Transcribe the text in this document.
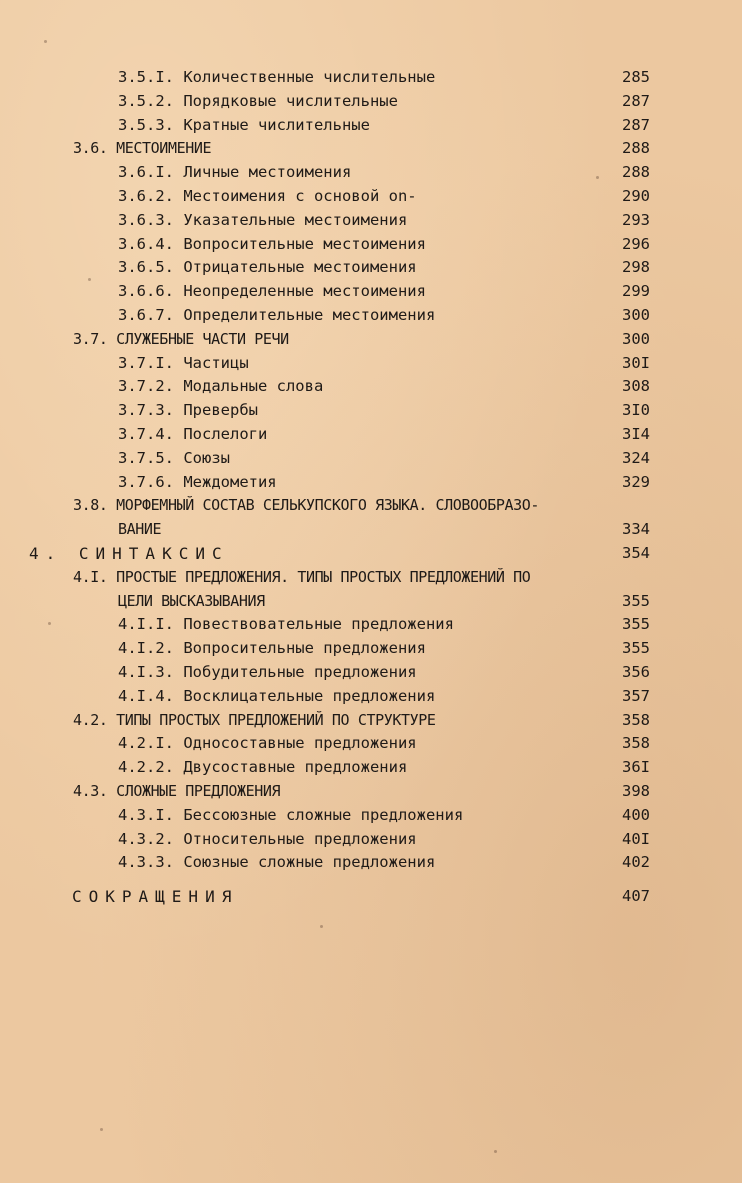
3.5.I. Количественные числительные	285
3.5.2. Порядковые числительные	287
3.5.3. Кратные числительные	287
3.6. МЕСТОИМЕНИЕ	288
3.6.I. Личные местоимения	288
3.6.2. Местоимения с основой on-	290
3.6.3. Указательные местоимения	293
3.6.4. Вопросительные местоимения	296
3.6.5. Отрицательные местоимения	298
3.6.6. Неопределенные местоимения	299
3.6.7. Определительные местоимения	300
3.7. СЛУЖЕБНЫЕ ЧАСТИ РЕЧИ	300
3.7.I. Частицы	30I
3.7.2. Модальные слова	308
3.7.3. Превербы	3I0
3.7.4. Послелоги	3I4
3.7.5. Союзы	324
3.7.6. Междометия	329
3.8. МОРФЕМНЫЙ СОСТАВ СЕЛЬКУПСКОГО ЯЗЫКА. СЛОВООБРАЗО-
ВАНИЕ	334
4. СИНТАКСИС	354
4.I. ПРОСТЫЕ ПРЕДЛОЖЕНИЯ. ТИПЫ ПРОСТЫХ ПРЕДЛОЖЕНИЙ ПО
ЦЕЛИ ВЫСКАЗЫВАНИЯ	355
4.I.I. Повествовательные предложения	355
4.I.2. Вопросительные предложения	355
4.I.3. Побудительные предложения	356
4.I.4. Восклицательные предложения	357
4.2. ТИПЫ ПРОСТЫХ ПРЕДЛОЖЕНИЙ ПО СТРУКТУРЕ	358
4.2.I. Односоставные предложения	358
4.2.2. Двусоставные предложения	36I
4.3. СЛОЖНЫЕ ПРЕДЛОЖЕНИЯ	398
4.3.I. Бессоюзные сложные предложения	400
4.3.2. Относительные предложения	40I
4.3.3. Союзные сложные предложения	402
СОКРАЩЕНИЯ	407
